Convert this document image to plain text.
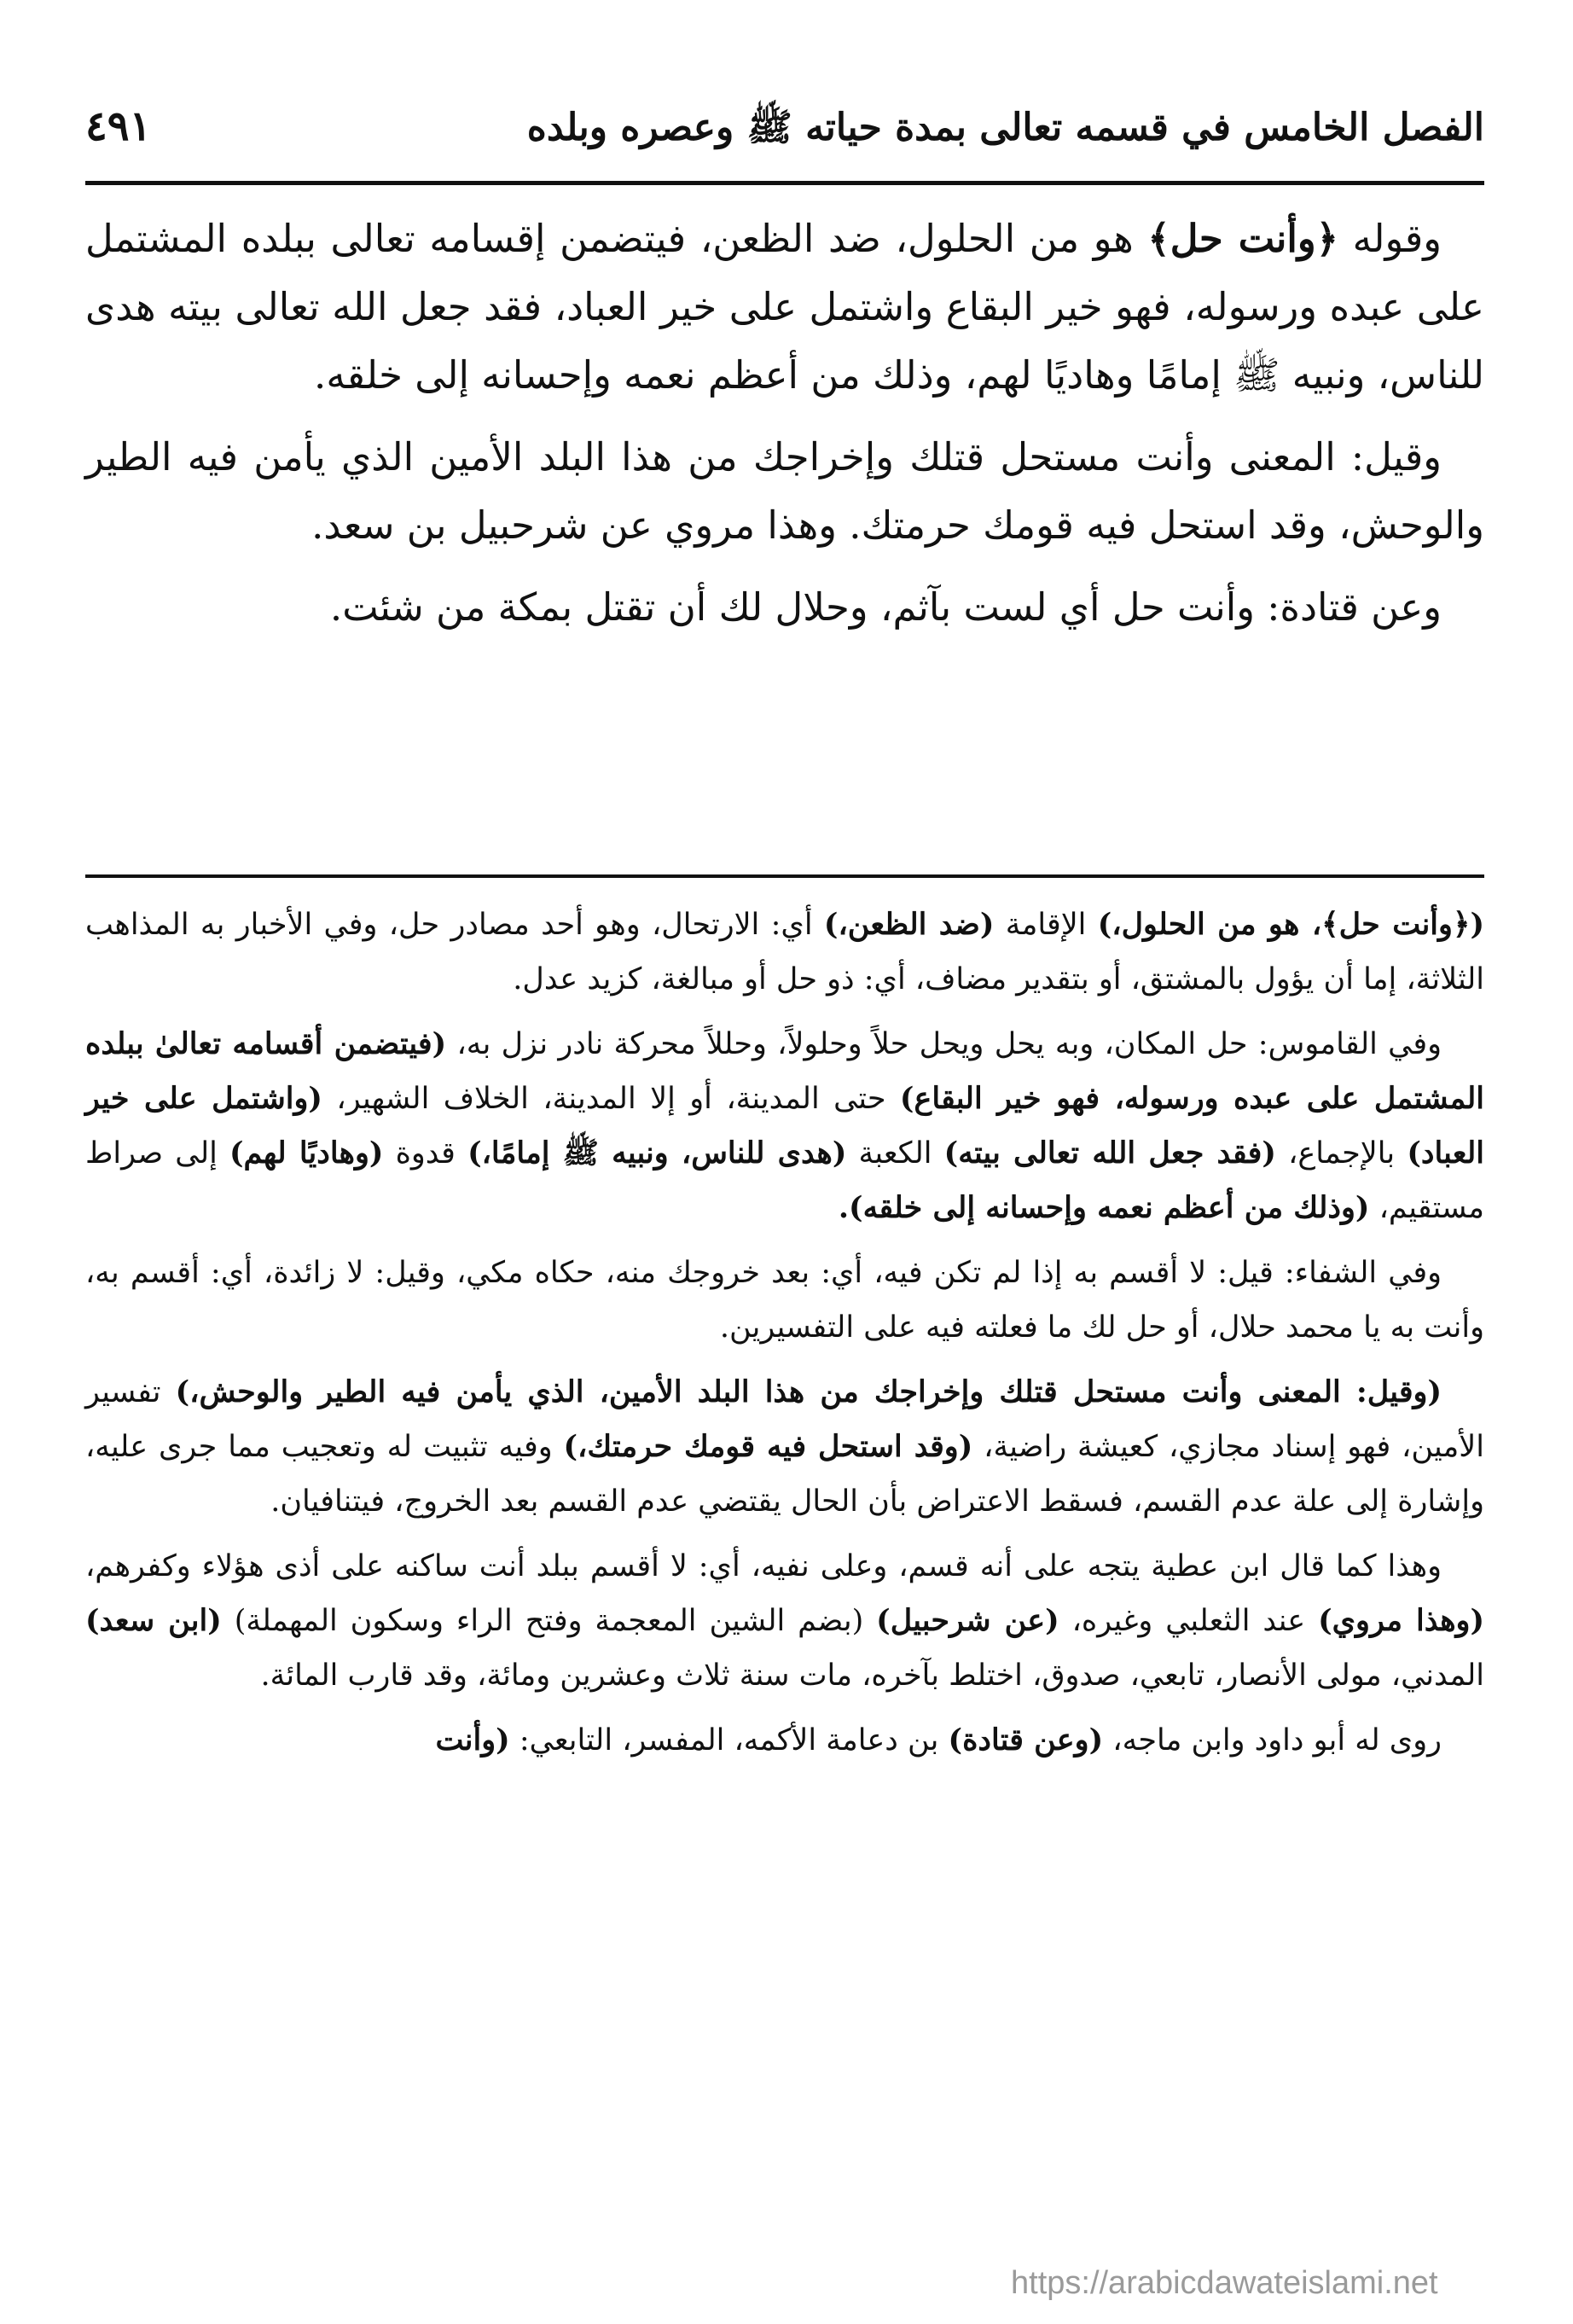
الفصل الخامس في قسمه تعالى بمدة حياته ﷺ وعصره وبلده
٤٩١

وقوله ﴿وأنت حل﴾ هو من الحلول، ضد الظعن، فيتضمن إقسامه تعالى ببلده المشتمل على عبده ورسوله، فهو خير البقاع واشتمل على خير العباد، فقد جعل الله تعالى بيته هدى للناس، ونبيه ﷺ إمامًا وهاديًا لهم، وذلك من أعظم نعمه وإحسانه إلى خلقه.

وقيل: المعنى وأنت مستحل قتلك وإخراجك من هذا البلد الأمين الذي يأمن فيه الطير والوحش، وقد استحل فيه قومك حرمتك. وهذا مروي عن شرحبيل بن سعد.

وعن قتادة: وأنت حل أي لست بآثم، وحلال لك أن تقتل بمكة من شئت.

(﴿وأنت حل﴾، هو من الحلول،) الإقامة (ضد الظعن،) أي: الارتحال، وهو أحد مصادر حل، وفي الأخبار به المذاهب الثلاثة، إما أن يؤول بالمشتق، أو بتقدير مضاف، أي: ذو حل أو مبالغة، كزيد عدل.

وفي القاموس: حل المكان، وبه يحل ويحل حلاً وحلولاً، وحللاً محركة نادر نزل به، (فيتضمن أقسامه تعالىٰ ببلده المشتمل على عبده ورسوله، فهو خير البقاع) حتى المدينة، أو إلا المدينة، الخلاف الشهير، (واشتمل على خير العباد) بالإجماع، (فقد جعل الله تعالى بيته) الكعبة (هدى للناس، ونبيه ﷺ إمامًا،) قدوة (وهاديًا لهم) إلى صراط مستقيم، (وذلك من أعظم نعمه وإحسانه إلى خلقه).

وفي الشفاء: قيل: لا أقسم به إذا لم تكن فيه، أي: بعد خروجك منه، حكاه مكي، وقيل: لا زائدة، أي: أقسم به، وأنت به يا محمد حلال، أو حل لك ما فعلته فيه على التفسيرين.

(وقيل: المعنى وأنت مستحل قتلك وإخراجك من هذا البلد الأمين، الذي يأمن فيه الطير والوحش،) تفسير الأمين، فهو إسناد مجازي، كعيشة راضية، (وقد استحل فيه قومك حرمتك،) وفيه تثبيت له وتعجيب مما جرى عليه، وإشارة إلى علة عدم القسم، فسقط الاعتراض بأن الحال يقتضي عدم القسم بعد الخروج، فيتنافيان.

وهذا كما قال ابن عطية يتجه على أنه قسم، وعلى نفيه، أي: لا أقسم ببلد أنت ساكنه على أذى هؤلاء وكفرهم، (وهذا مروي) عند الثعلبي وغيره، (عن شرحبيل) (بضم الشين المعجمة وفتح الراء وسكون المهملة) (ابن سعد) المدني، مولى الأنصار، تابعي، صدوق، اختلط بآخره، مات سنة ثلاث وعشرين ومائة، وقد قارب المائة.

روى له أبو داود وابن ماجه، (وعن قتادة) بن دعامة الأكمه، المفسر، التابعي: (وأنت

https://arabicdawateislami.net
